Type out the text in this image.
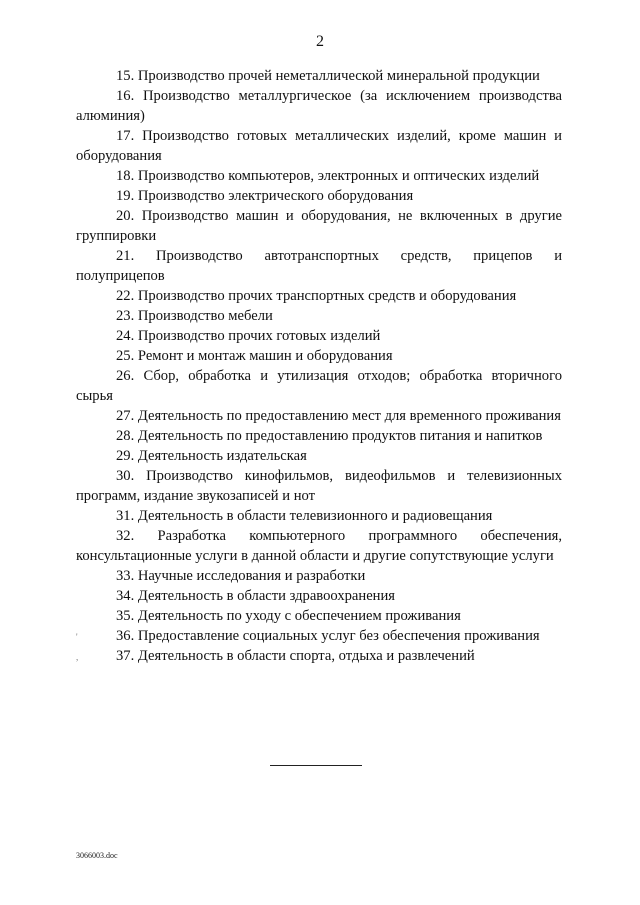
2
15. Производство прочей неметаллической минеральной продукции
16. Производство металлургическое (за исключением производства алюминия)
17. Производство готовых металлических изделий, кроме машин и оборудования
18. Производство компьютеров, электронных и оптических изделий
19. Производство электрического оборудования
20. Производство машин и оборудования, не включенных в другие группировки
21. Производство автотранспортных средств, прицепов и полуприцепов
22. Производство прочих транспортных средств и оборудования
23. Производство мебели
24. Производство прочих готовых изделий
25. Ремонт и монтаж машин и оборудования
26. Сбор, обработка и утилизация отходов; обработка вторичного сырья
27. Деятельность по предоставлению мест для временного проживания
28. Деятельность по предоставлению продуктов питания и напитков
29. Деятельность издательская
30. Производство кинофильмов, видеофильмов и телевизионных программ, издание звукозаписей и нот
31. Деятельность в области телевизионного и радиовещания
32. Разработка компьютерного программного обеспечения, консультационные услуги в данной области и другие сопутствующие услуги
33. Научные исследования и разработки
34. Деятельность в области здравоохранения
35. Деятельность по уходу с обеспечением проживания
36. Предоставление социальных услуг без обеспечения проживания
37. Деятельность в области спорта, отдыха и развлечений
'
,
3066003.doc
